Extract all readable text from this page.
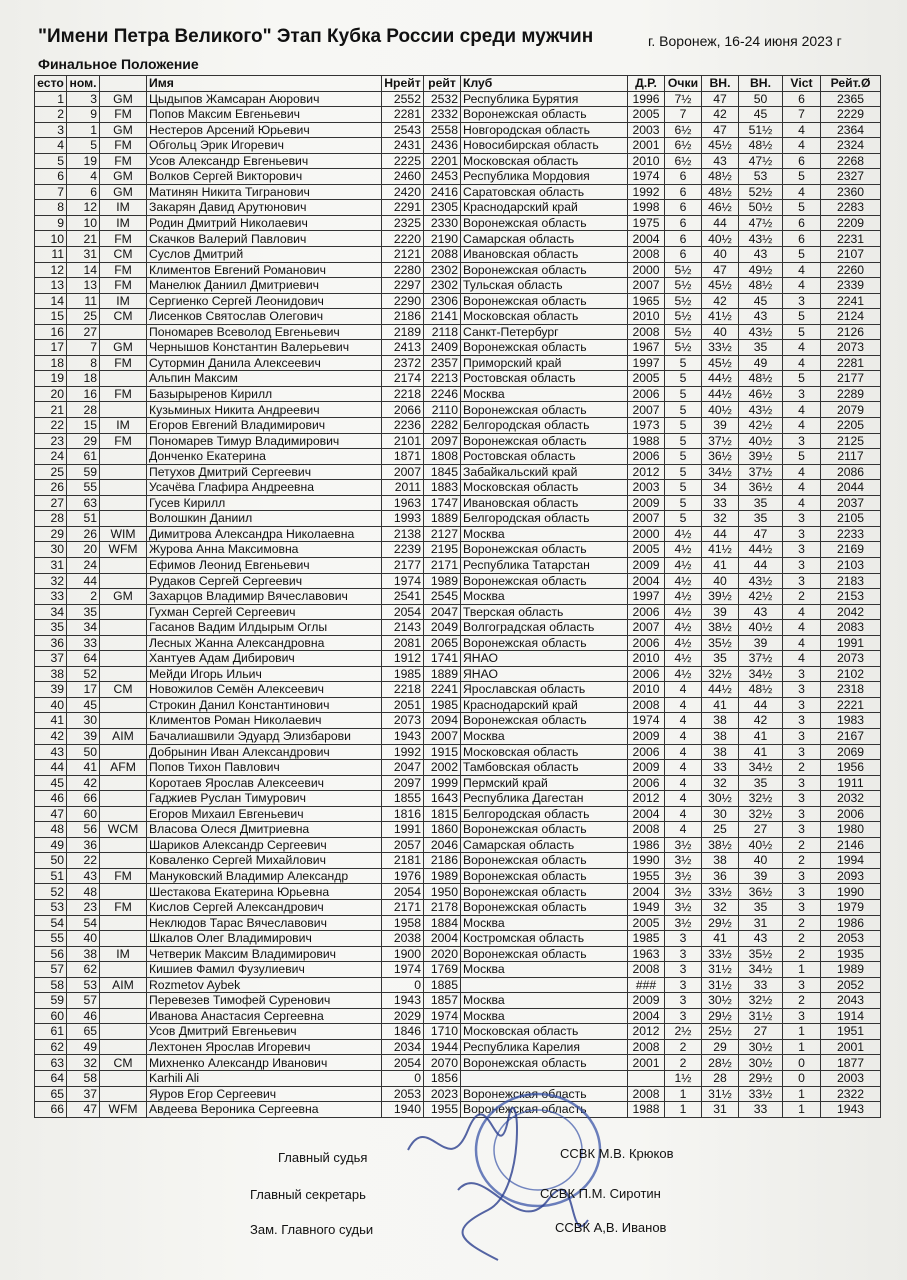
"Имени Петра Великого" Этап Кубка России среди мужчин	г. Воронеж, 16-24 июня 2023 г
Финальное Положение
есто	ном.		Имя	Нрейт	рейт	Клуб	Д.Р.	Очки	ВН.	ВН.	Vict	Рейт.Ø
1	3	GM	Цыдыпов Жамсаран Аюрович	2552	2532	Республика Бурятия	1996	7½	47	50	6	2365
2	9	FM	Попов Максим Евгеньевич	2281	2332	Воронежская область	2005	7	42	45	7	2229
3	1	GM	Нестеров Арсений Юрьевич	2543	2558	Новгородская область	2003	6½	47	51½	4	2364
4	5	FM	Обгольц Эрик Игоревич	2431	2436	Новосибирская область	2001	6½	45½	48½	4	2324
5	19	FM	Усов Александр Евгеньевич	2225	2201	Московская область	2010	6½	43	47½	6	2268
6	4	GM	Волков Сергей Викторович	2460	2453	Республика Мордовия	1974	6	48½	53	5	2327
7	6	GM	Матинян Никита Тигранович	2420	2416	Саратовская область	1992	6	48½	52½	4	2360
8	12	IM	Закарян Давид Арутюнович	2291	2305	Краснодарский край	1998	6	46½	50½	5	2283
9	10	IM	Родин Дмитрий Николаевич	2325	2330	Воронежская область	1975	6	44	47½	6	2209
10	21	FM	Скачков Валерий Павлович	2220	2190	Самарская область	2004	6	40½	43½	6	2231
11	31	CM	Суслов Дмитрий	2121	2088	Ивановская область	2008	6	40	43	5	2107
12	14	FM	Климентов Евгений Романович	2280	2302	Воронежская область	2000	5½	47	49½	4	2260
13	13	FM	Манелюк Даниил Дмитриевич	2297	2302	Тульская область	2007	5½	45½	48½	4	2339
14	11	IM	Сергиенко Сергей Леонидович	2290	2306	Воронежская область	1965	5½	42	45	3	2241
15	25	CM	Лисенков Святослав Олегович	2186	2141	Московская область	2010	5½	41½	43	5	2124
16	27		Пономарев Всеволод Евгеньевич	2189	2118	Санкт-Петербург	2008	5½	40	43½	5	2126
17	7	GM	Чернышов Константин Валерьевич	2413	2409	Воронежская область	1967	5½	33½	35	4	2073
18	8	FM	Сутормин Данила Алексеевич	2372	2357	Приморский край	1997	5	45½	49	4	2281
19	18		Альпин Максим	2174	2213	Ростовская область	2005	5	44½	48½	5	2177
20	16	FM	Базырыренов Кирилл	2218	2246	Москва	2006	5	44½	46½	3	2289
21	28		Кузьминых Никита Андреевич	2066	2110	Воронежская область	2007	5	40½	43½	4	2079
22	15	IM	Егоров Евгений Владимирович	2236	2282	Белгородская область	1973	5	39	42½	4	2205
23	29	FM	Пономарев Тимур Владимирович	2101	2097	Воронежская область	1988	5	37½	40½	3	2125
24	61		Донченко Екатерина	1871	1808	Ростовская область	2006	5	36½	39½	5	2117
25	59		Петухов Дмитрий Сергеевич	2007	1845	Забайкальский край	2012	5	34½	37½	4	2086
26	55		Усачёва Глафира Андреевна	2011	1883	Московская область	2003	5	34	36½	4	2044
27	63		Гусев Кирилл	1963	1747	Ивановская область	2009	5	33	35	4	2037
28	51		Волошкин Даниил	1993	1889	Белгородская область	2007	5	32	35	3	2105
29	26	WIM	Димитрова Александра Николаевна	2138	2127	Москва	2000	4½	44	47	3	2233
30	20	WFM	Журова Анна Максимовна	2239	2195	Воронежская область	2005	4½	41½	44½	3	2169
31	24		Ефимов Леонид Евгеньевич	2177	2171	Республика Татарстан	2009	4½	41	44	3	2103
32	44		Рудаков Сергей Сергеевич	1974	1989	Воронежская область	2004	4½	40	43½	3	2183
33	2	GM	Захарцов Владимир Вячеславович	2541	2545	Москва	1997	4½	39½	42½	2	2153
34	35		Гухман Сергей Сергеевич	2054	2047	Тверская область	2006	4½	39	43	4	2042
35	34		Гасанов Вадим Илдырым Оглы	2143	2049	Волгоградская область	2007	4½	38½	40½	4	2083
36	33		Лесных Жанна Александровна	2081	2065	Воронежская область	2006	4½	35½	39	4	1991
37	64		Хантуев Адам Дибирович	1912	1741	ЯНАО	2010	4½	35	37½	4	2073
38	52		Мейди Игорь Ильич	1985	1889	ЯНАО	2006	4½	32½	34½	3	2102
39	17	CM	Новожилов Семён Алексеевич	2218	2241	Ярославская область	2010	4	44½	48½	3	2318
40	45		Строкин Данил Константинович	2051	1985	Краснодарский край	2008	4	41	44	3	2221
41	30		Климентов Роман Николаевич	2073	2094	Воронежская область	1974	4	38	42	3	1983
42	39	AIM	Бачалиашвили Эдуард Элизбарови	1943	2007	Москва	2009	4	38	41	3	2167
43	50		Добрынин Иван Александрович	1992	1915	Московская область	2006	4	38	41	3	2069
44	41	AFM	Попов Тихон Павлович	2047	2002	Тамбовская область	2009	4	33	34½	2	1956
45	42		Коротаев Ярослав Алексеевич	2097	1999	Пермский край	2006	4	32	35	3	1911
46	66		Гаджиев Руслан Тимурович	1855	1643	Республика Дагестан	2012	4	30½	32½	3	2032
47	60		Егоров Михаил Евгеньевич	1816	1815	Белгородская область	2004	4	30	32½	3	2006
48	56	WCM	Власова Олеся Дмитриевна	1991	1860	Воронежская область	2008	4	25	27	3	1980
49	36		Шариков Александр Сергеевич	2057	2046	Самарская область	1986	3½	38½	40½	2	2146
50	22		Коваленко Сергей Михайлович	2181	2186	Воронежская область	1990	3½	38	40	2	1994
51	43	FM	Мануковский Владимир Александр	1976	1989	Воронежская область	1955	3½	36	39	3	2093
52	48		Шестакова Екатерина Юрьевна	2054	1950	Воронежская область	2004	3½	33½	36½	3	1990
53	23	FM	Кислов Сергей Александрович	2171	2178	Воронежская область	1949	3½	32	35	3	1979
54	54		Неклюдов Тарас Вячеславович	1958	1884	Москва	2005	3½	29½	31	2	1986
55	40		Шкалов Олег Владимирович	2038	2004	Костромская область	1985	3	41	43	2	2053
56	38	IM	Четверик Максим Владимирович	1900	2020	Воронежская область	1963	3	33½	35½	2	1935
57	62		Кишиев Фамил Фузулиевич	1974	1769	Москва	2008	3	31½	34½	1	1989
58	53	AIM	Rozmetov Aybek	0	1885		###	3	31½	33	3	2052
59	57		Перевезев Тимофей Суренович	1943	1857	Москва	2009	3	30½	32½	2	2043
60	46		Иванова Анастасия Сергеевна	2029	1974	Москва	2004	3	29½	31½	3	1914
61	65		Усов Дмитрий Евгеньевич	1846	1710	Московская область	2012	2½	25½	27	1	1951
62	49		Лехтонен Ярослав Игоревич	2034	1944	Республика Карелия	2008	2	29	30½	1	2001
63	32	CM	Михненко Александр Иванович	2054	2070	Воронежская область	2001	2	28½	30½	0	1877
64	58		Karhili Ali	0	1856			1½	28	29½	0	2003
65	37		Яуров Егор Сергеевич	2053	2023	Воронежская область	2008	1	31½	33½	1	2322
66	47	WFM	Авдеева Вероника Сергеевна	1940	1955	Воронежская область	1988	1	31	33	1	1943
Главный судья	ССВК М.В. Крюков
Главный секретарь	ССВК П.М. Сиротин
Зам. Главного судьи	ССВК А,В. Иванов
